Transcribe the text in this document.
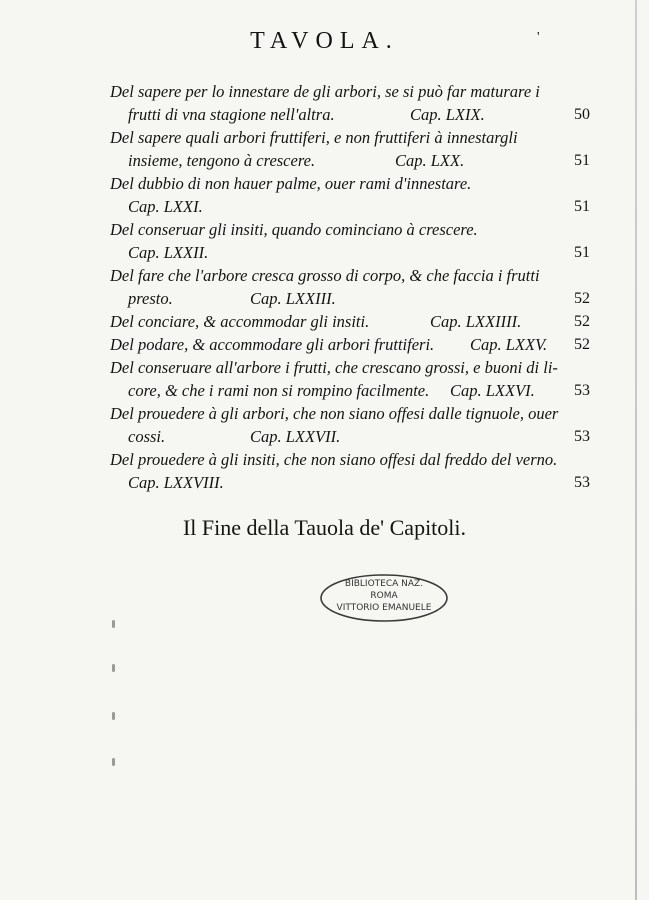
TAVOLA.	'
Del sapere per lo innestare de gli arbori, se si può far maturare i
frutti di vna stagione nell'altra.	Cap. LXIX.	50
Del sapere quali arbori fruttiferi, e non fruttiferi à innestargli
insieme, tengono à crescere.	Cap. LXX.	51
Del dubbio di non hauer palme, ouer rami d'innestare.
Cap. LXXI.	51
Del conseruar gli insiti, quando cominciano à crescere.
Cap. LXXII.	51
Del fare che l'arbore cresca grosso di corpo, & che faccia i frutti
presto.	Cap. LXXIII.	52
Del conciare, & accommodar gli insiti.	Cap. LXXIIII.	52
Del podare, & accommodare gli arbori fruttiferi. Cap. LXXV. 52
Del conseruare all'arbore i frutti, che crescano grossi, e buoni di li-
core, & che i rami non si rompino facilmente. Cap. LXXVI. 53
Del prouedere à gli arbori, che non siano offesi dalle tignuole, ouer
cossi.	Cap. LXXVII.	53
Del prouedere à gli insiti, che non siano offesi dal freddo del verno.
Cap. LXXVIII.	53
Il Fine della Tauola de' Capitoli.
BIBLIOTECA NAZ.
ROMA
VITTORIO EMANUELE
